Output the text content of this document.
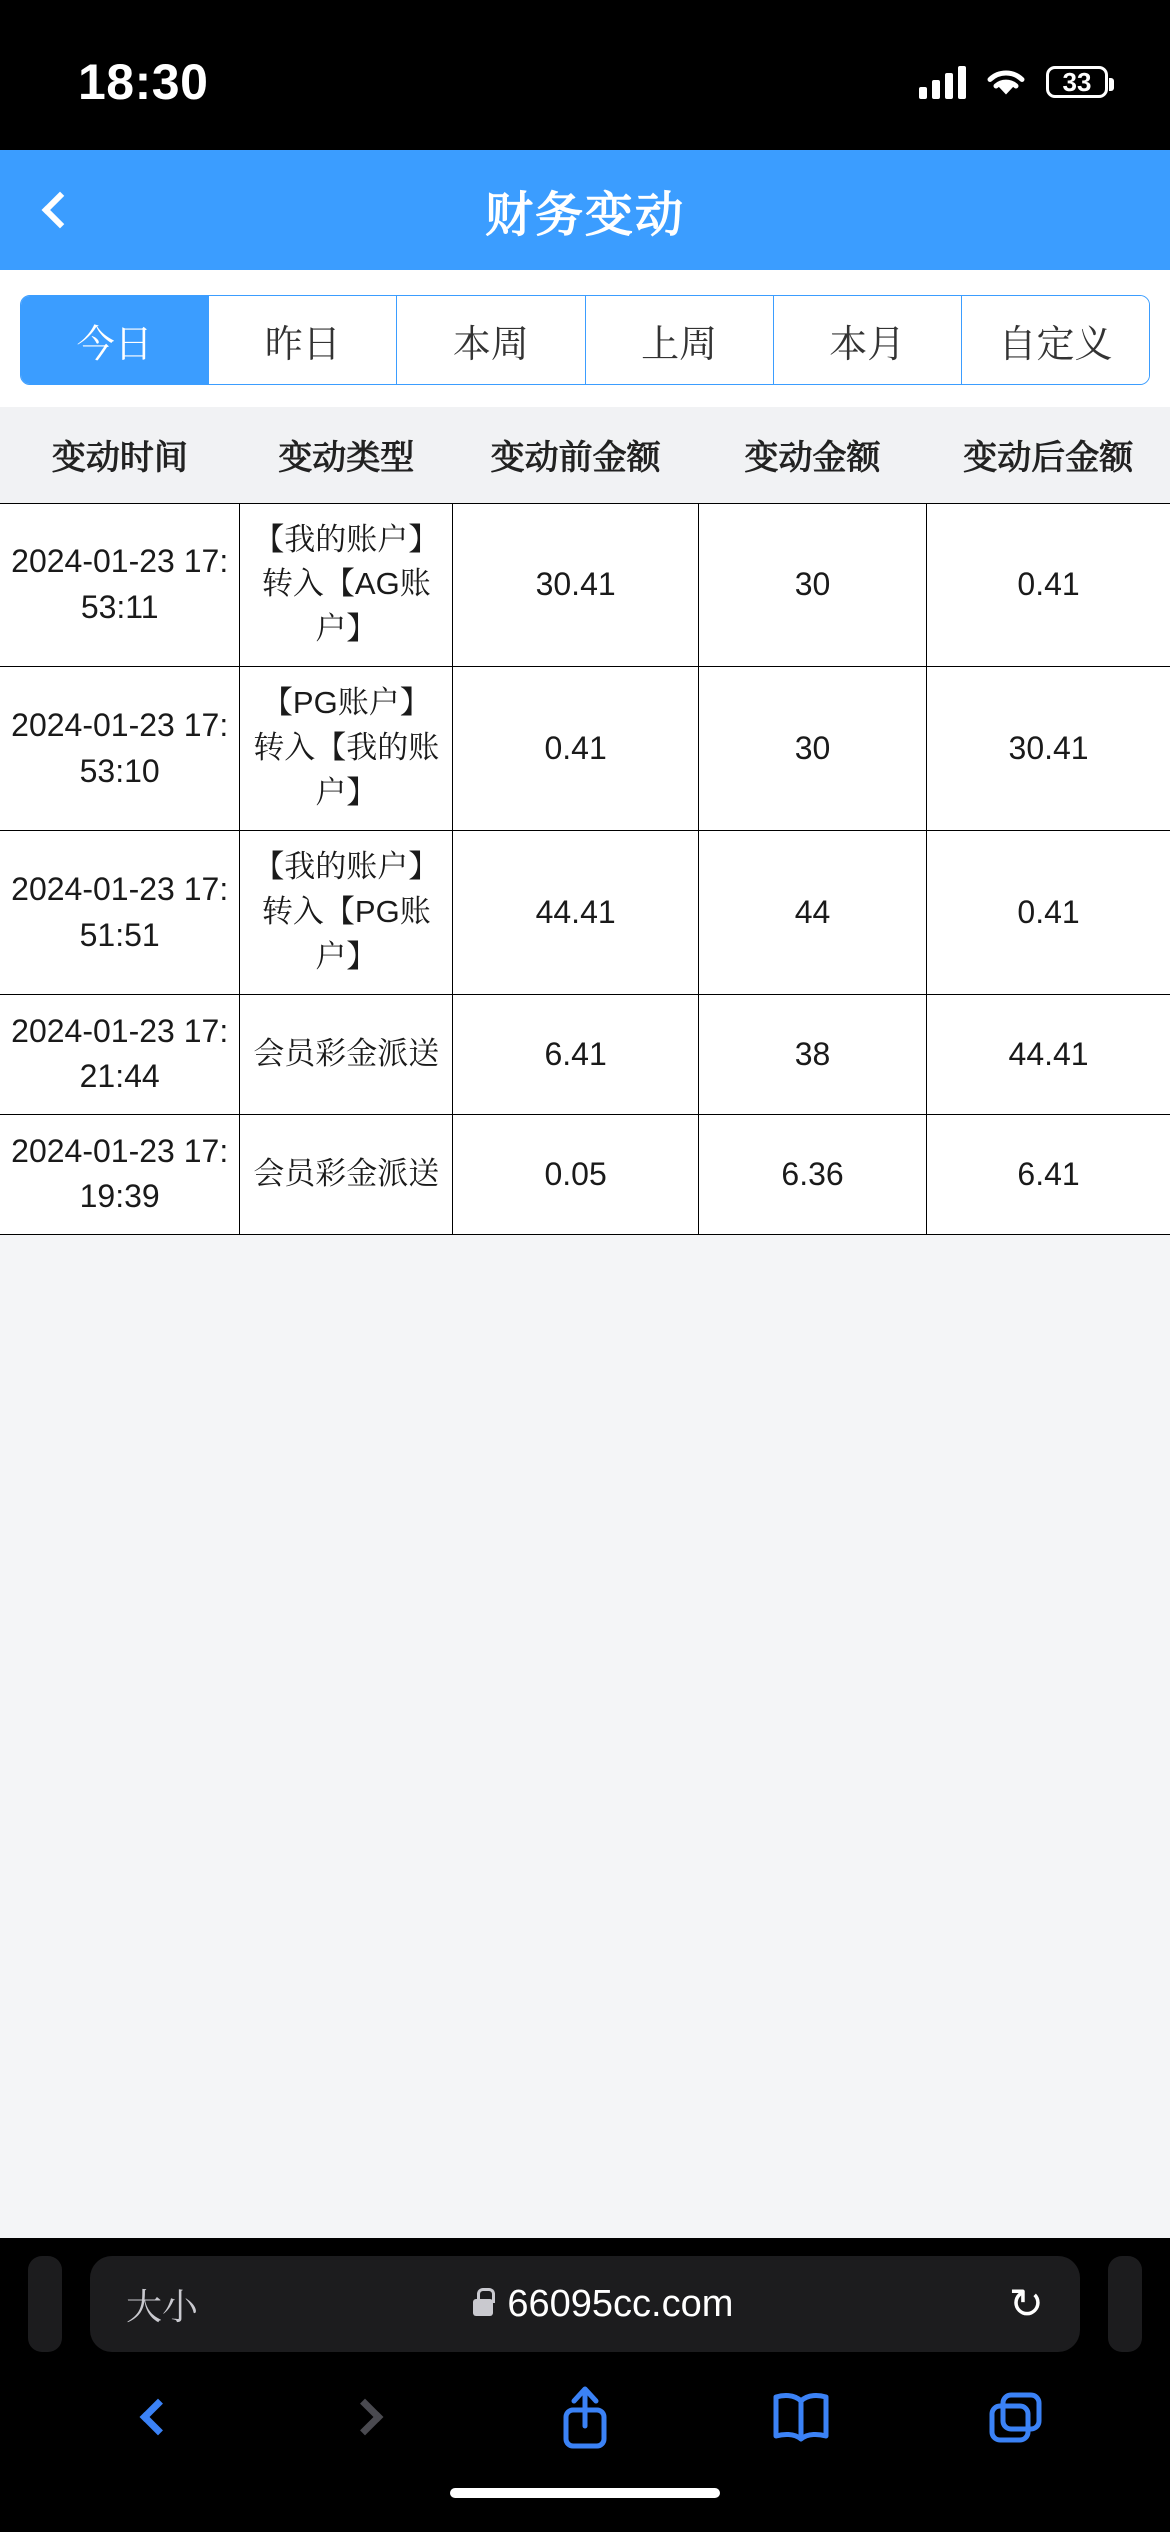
18:30	33
财务变动
今日	昨日	本周	上周	本月	自定义
变动时间	变动类型	变动前金额	变动金额	变动后金额
2024-01-23 17:53:11	【我的账户】转入【AG账户】	30.41	30	0.41
2024-01-23 17:53:10	【PG账户】转入【我的账户】	0.41	30	30.41
2024-01-23 17:51:51	【我的账户】转入【PG账户】	44.41	44	0.41
2024-01-23 17:21:44	会员彩金派送	6.41	38	44.41
2024-01-23 17:19:39	会员彩金派送	0.05	6.36	6.41
大小	66095cc.com	↻
